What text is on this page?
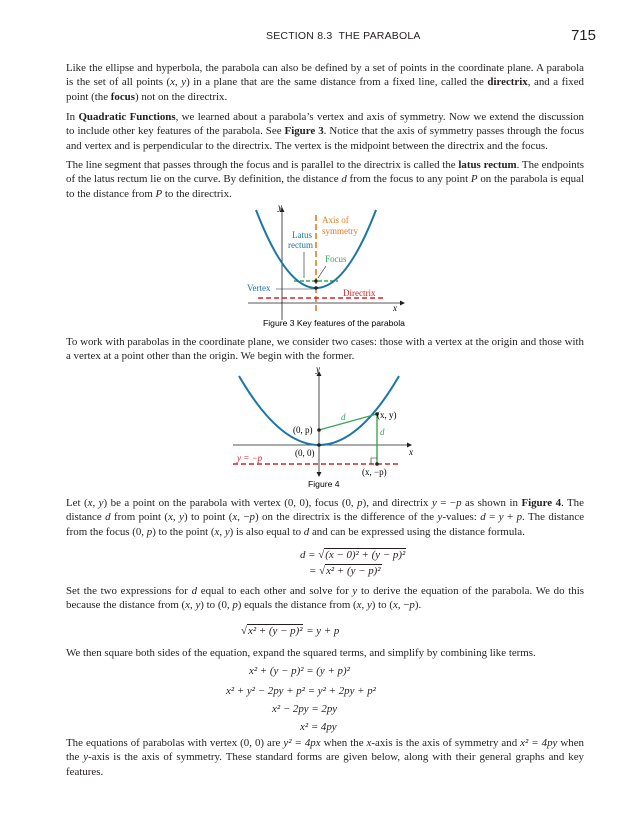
SECTION 8.3 THE PARABOLA	715

Like the ellipse and hyperbola, the parabola can also be defined by a set of points in the coordinate plane. A parabola is the set of all points (x, y) in a plane that are the same distance from a fixed line, called the directrix, and a fixed point (the focus) not on the directrix.

In Quadratic Functions, we learned about a parabola’s vertex and axis of symmetry. Now we extend the discussion to include other key features of the parabola. See Figure 3. Notice that the axis of symmetry passes through the focus and vertex and is perpendicular to the directrix. The vertex is the midpoint between the directrix and the focus.

The line segment that passes through the focus and is parallel to the directrix is called the latus rectum. The endpoints of the latus rectum lie on the curve. By definition, the distance d from the focus to any point P on the parabola is equal to the distance from P to the directrix.

y
x
Axis of
symmetry
Latus
rectum
Focus
Vertex	Directrix
Figure 3 Key features of the parabola

To work with parabolas in the coordinate plane, we consider two cases: those with a vertex at the origin and those with a vertex at a point other than the origin. We begin with the former.

y
x
d
d
(0, p)
(0, 0)
(x, y)
(x, −p)
y = −p
Figure 4

Let (x, y) be a point on the parabola with vertex (0, 0), focus (0, p), and directrix y = −p as shown in Figure 4. The distance d from point (x, y) to point (x, −p) on the directrix is the difference of the y-values: d = y + p. The distance from the focus (0, p) to the point (x, y) is also equal to d and can be expressed using the distance formula.

d = √(x − 0)² + (y − p)²
= √x² + (y − p)²

Set the two expressions for d equal to each other and solve for y to derive the equation of the parabola. We do this because the distance from (x, y) to (0, p) equals the distance from (x, y) to (x, −p).

√x² + (y − p)² = y + p

We then square both sides of the equation, expand the squared terms, and simplify by combining like terms.

x² + (y − p)² = (y + p)²
x² + y² − 2py + p² = y² + 2py + p²
x² − 2py = 2py
x² = 4py

The equations of parabolas with vertex (0, 0) are y² = 4px when the x-axis is the axis of symmetry and x² = 4py when the y-axis is the axis of symmetry. These standard forms are given below, along with their general graphs and key features.
